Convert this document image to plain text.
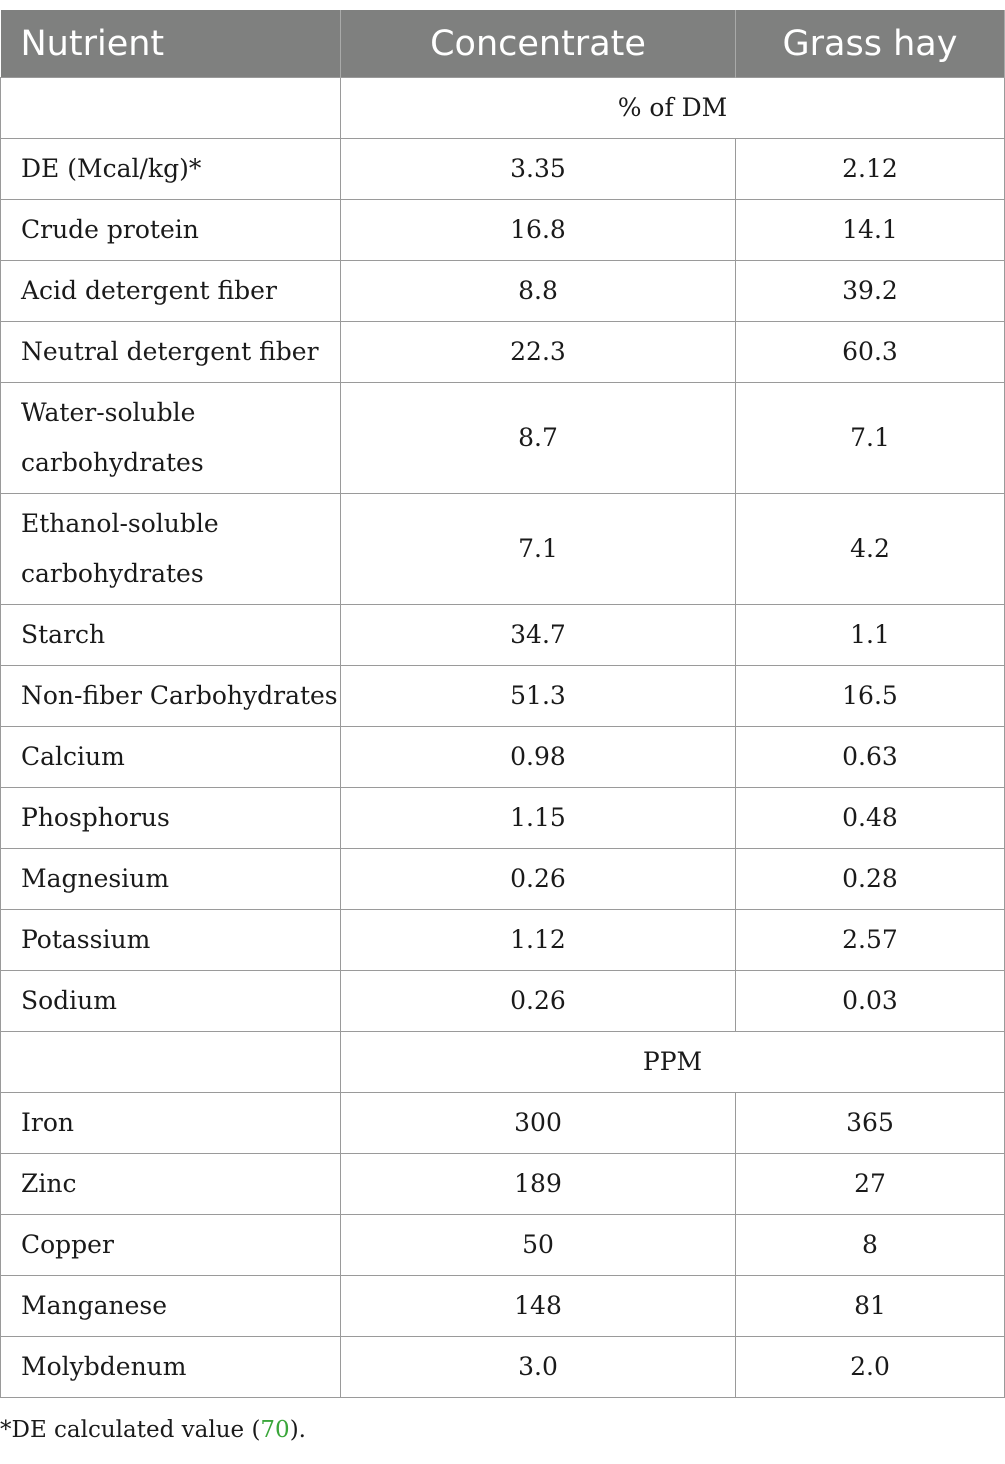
Nutrient	Concentrate	Grass hay
	% of DM	
DE (Mcal/kg)*	3.35	2.12
Crude protein	16.8	14.1
Acid detergent fiber	8.8	39.2
Neutral detergent fiber	22.3	60.3
Water-soluble
carbohydrates	8.7	7.1
Ethanol-soluble
carbohydrates	7.1	4.2
Starch	34.7	1.1
Non-fiber Carbohydrates	51.3	16.5
Calcium	0.98	0.63
Phosphorus	1.15	0.48
Magnesium	0.26	0.28
Potassium	1.12	2.57
Sodium	0.26	0.03
	PPM	
Iron	300	365
Zinc	189	27
Copper	50	8
Manganese	148	81
Molybdenum	3.0	2.0
*DE calculated value (70).
